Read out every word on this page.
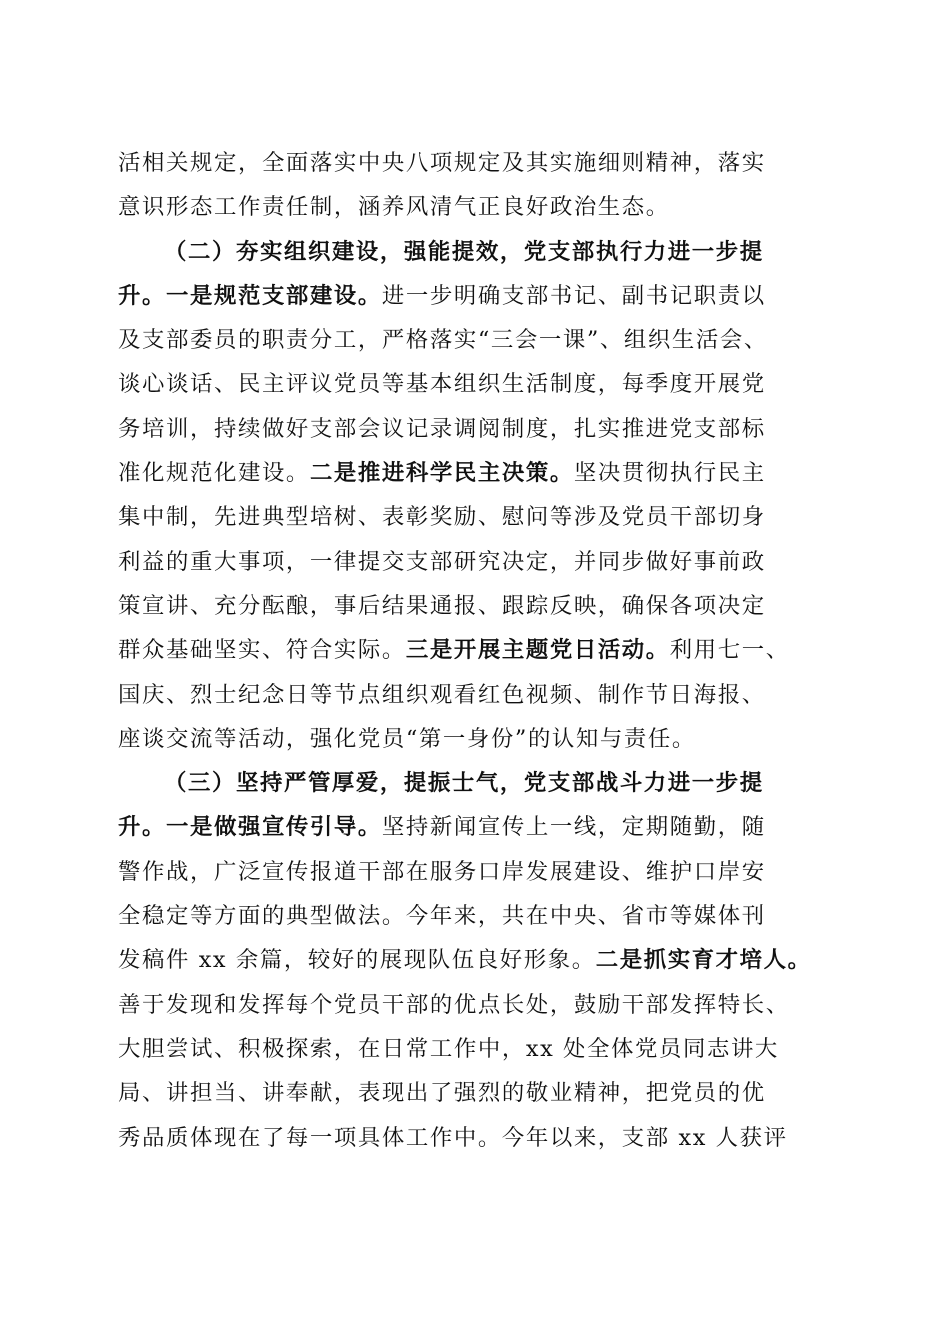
活相关规定，全面落实中央八项规定及其实施细则精神，落实
意识形态工作责任制，涵养风清气正良好政治生态。
（二）夯实组织建设，强能提效，党支部执行力进一步提
升。一是规范支部建设。进一步明确支部书记、副书记职责以
及支部委员的职责分工，严格落实“三会一课”、组织生活会、
谈心谈话、民主评议党员等基本组织生活制度，每季度开展党
务培训，持续做好支部会议记录调阅制度，扎实推进党支部标
准化规范化建设。二是推进科学民主决策。坚决贯彻执行民主
集中制，先进典型培树、表彰奖励、慰问等涉及党员干部切身
利益的重大事项，一律提交支部研究决定，并同步做好事前政
策宣讲、充分酝酿，事后结果通报、跟踪反映，确保各项决定
群众基础坚实、符合实际。三是开展主题党日活动。利用七一、
国庆、烈士纪念日等节点组织观看红色视频、制作节日海报、
座谈交流等活动，强化党员“第一身份”的认知与责任。
（三）坚持严管厚爱，提振士气，党支部战斗力进一步提
升。一是做强宣传引导。坚持新闻宣传上一线，定期随勤，随
警作战，广泛宣传报道干部在服务口岸发展建设、维护口岸安
全稳定等方面的典型做法。今年来，共在中央、省市等媒体刊
发稿件 xx 余篇，较好的展现队伍良好形象。二是抓实育才培人。
善于发现和发挥每个党员干部的优点长处，鼓励干部发挥特长、
大胆尝试、积极探索，在日常工作中，xx 处全体党员同志讲大
局、讲担当、讲奉献，表现出了强烈的敬业精神，把党员的优
秀品质体现在了每一项具体工作中。今年以来，支部 xx 人获评
